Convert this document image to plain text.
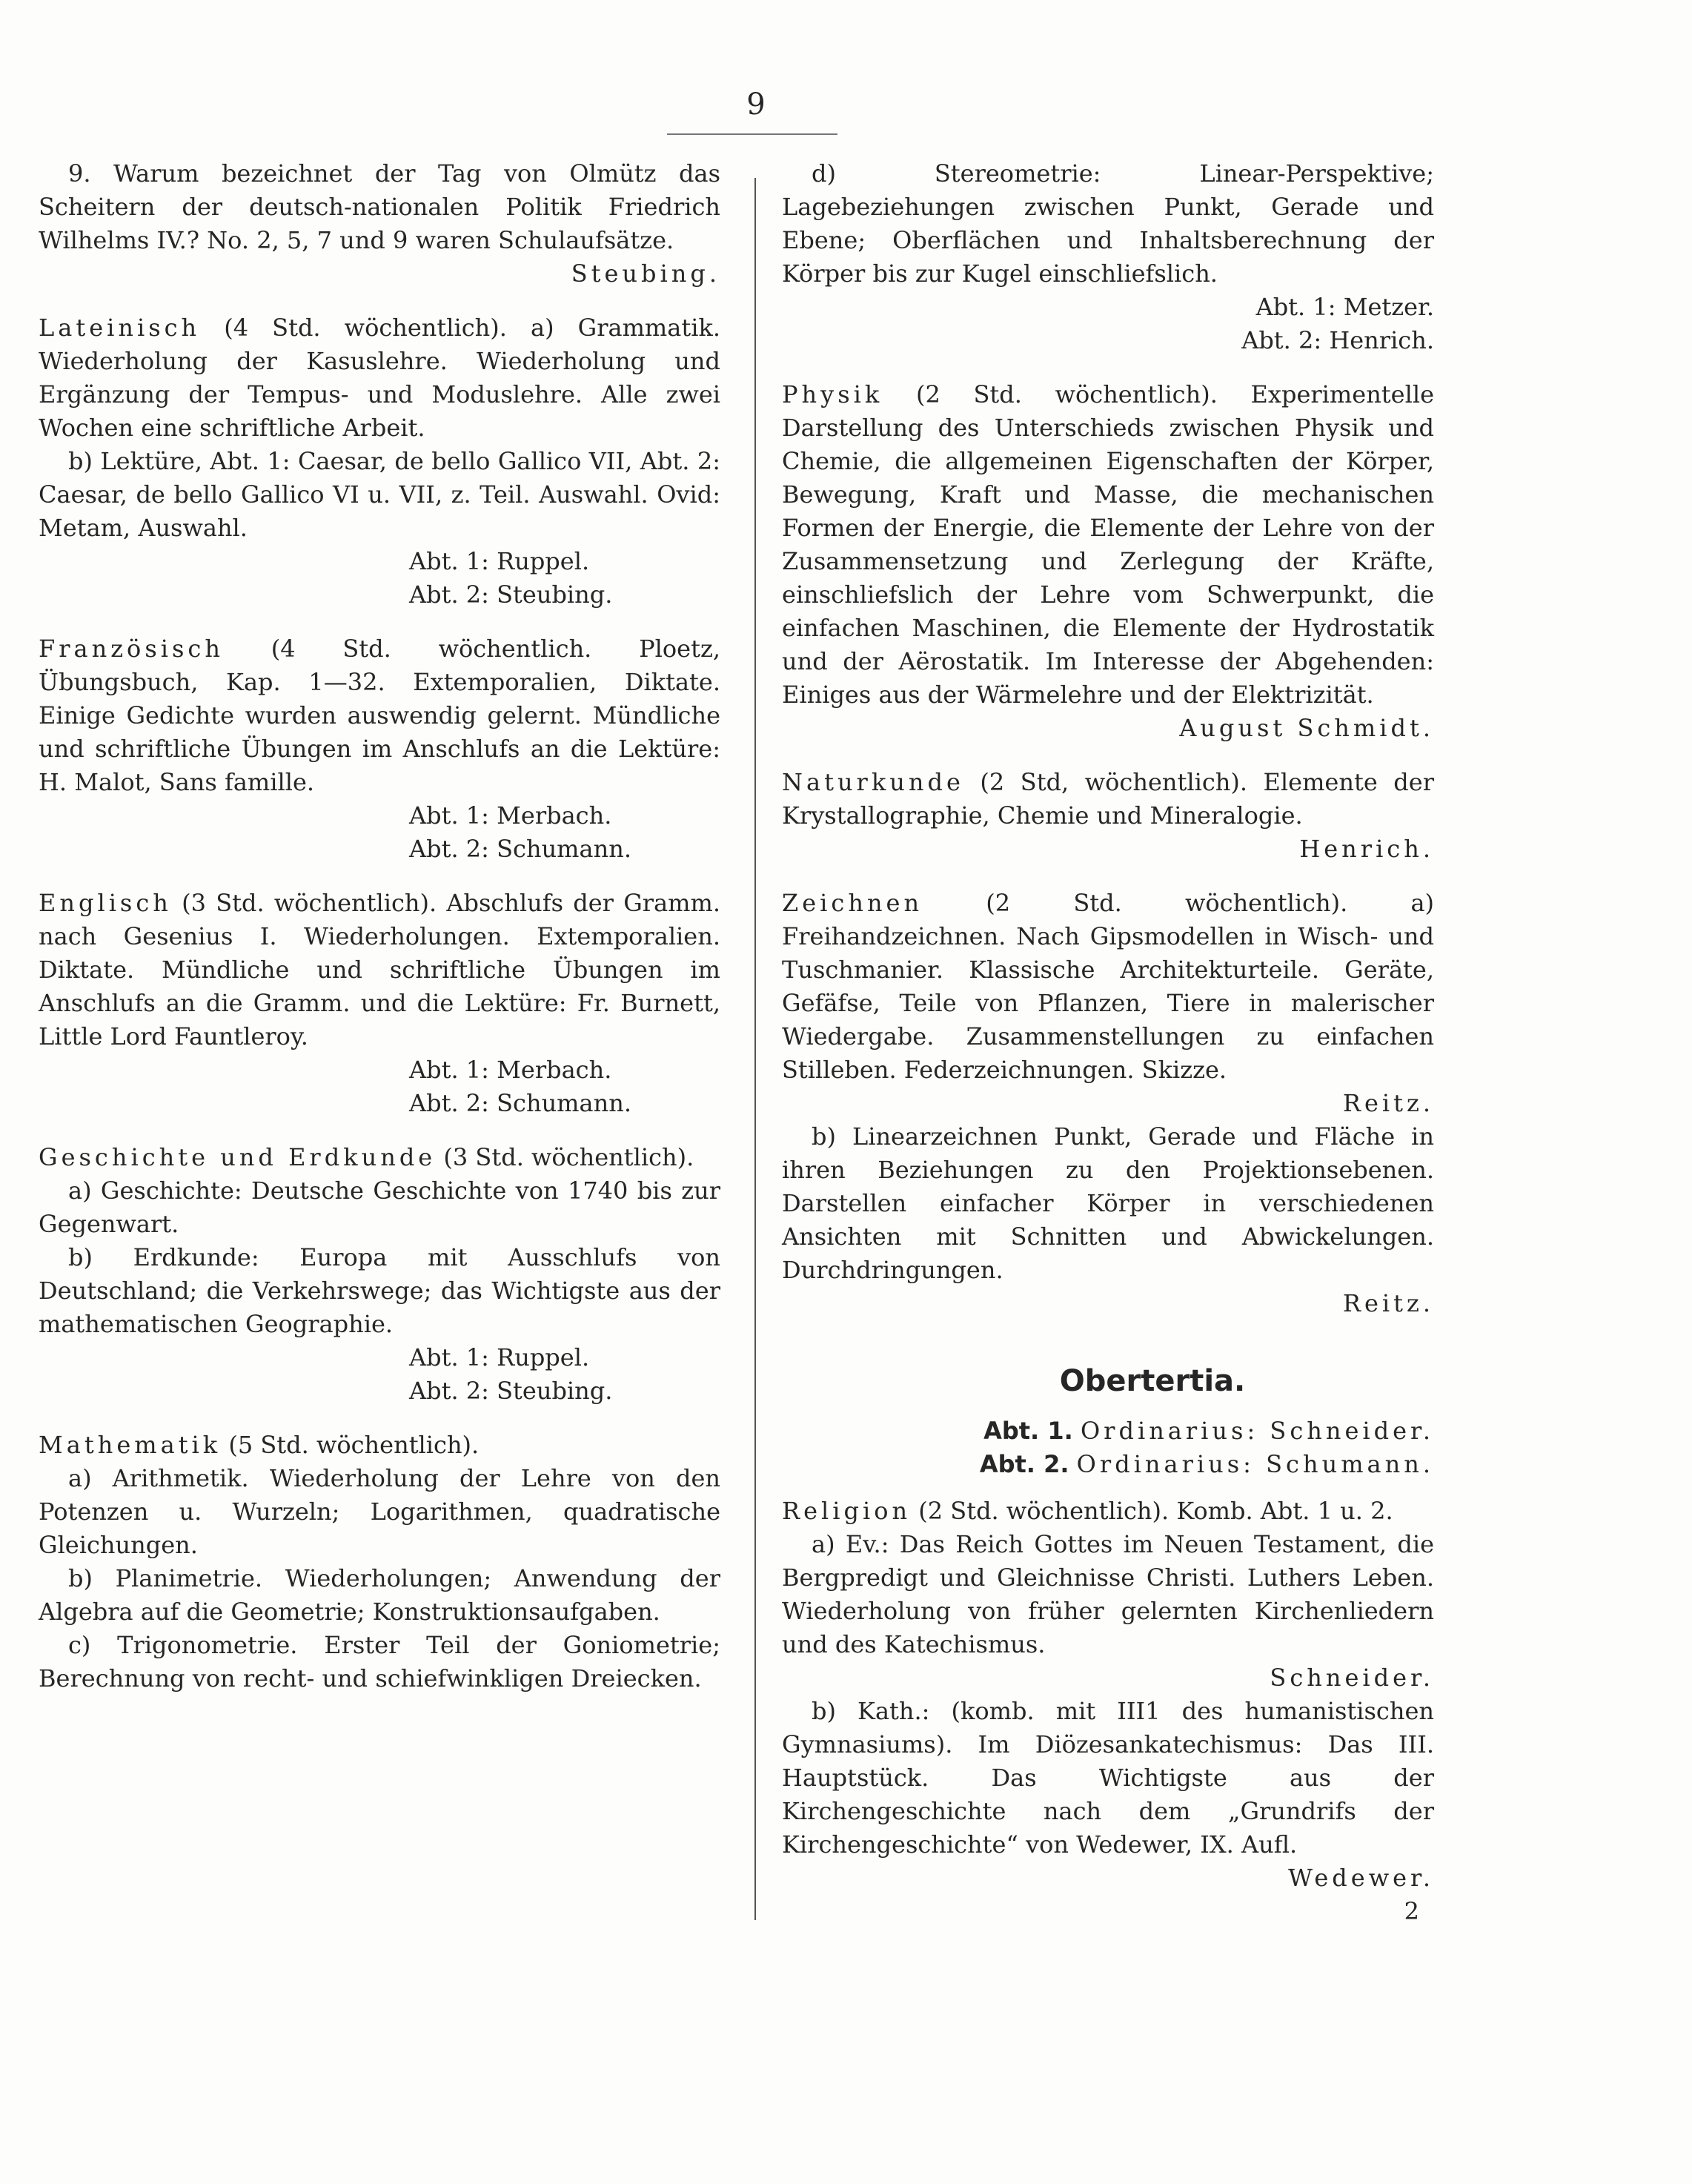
9

9. Warum bezeichnet der Tag von Olmütz das Scheitern der deutsch-nationalen Politik Friedrich Wilhelms IV.? No. 2, 5, 7 und 9 waren Schulaufsätze.

Steubing.

Lateinisch (4 Std. wöchentlich). a) Grammatik. Wiederholung der Kasuslehre. Wiederholung und Ergänzung der Tempus- und Moduslehre. Alle zwei Wochen eine schriftliche Arbeit.

b) Lektüre, Abt. 1: Caesar, de bello Gallico VII, Abt. 2: Caesar, de bello Gallico VI u. VII, z. Teil. Auswahl. Ovid: Metam, Auswahl.

Abt. 1: Ruppel.
Abt. 2: Steubing.

Französisch (4 Std. wöchentlich. Ploetz, Übungsbuch, Kap. 1—32. Extemporalien, Diktate. Einige Gedichte wurden auswendig gelernt. Mündliche und schriftliche Übungen im Anschlufs an die Lektüre: H. Malot, Sans famille.

Abt. 1: Merbach.
Abt. 2: Schumann.

Englisch (3 Std. wöchentlich). Abschlufs der Gramm. nach Gesenius I. Wiederholungen. Extemporalien. Diktate. Mündliche und schriftliche Übungen im Anschlufs an die Gramm. und die Lektüre: Fr. Burnett, Little Lord Fauntleroy.

Abt. 1: Merbach.
Abt. 2: Schumann.

Geschichte und Erdkunde (3 Std. wöchentlich).

a) Geschichte: Deutsche Geschichte von 1740 bis zur Gegenwart.

b) Erdkunde: Europa mit Ausschlufs von Deutschland; die Verkehrswege; das Wichtigste aus der mathematischen Geographie.

Abt. 1: Ruppel.
Abt. 2: Steubing.

Mathematik (5 Std. wöchentlich).

a) Arithmetik. Wiederholung der Lehre von den Potenzen u. Wurzeln; Logarithmen, quadratische Gleichungen.

b) Planimetrie. Wiederholungen; Anwendung der Algebra auf die Geometrie; Konstruktionsaufgaben.

c) Trigonometrie. Erster Teil der Goniometrie; Berechnung von recht- und schiefwinkligen Dreiecken.

d) Stereometrie: Linear-Perspektive; Lagebeziehungen zwischen Punkt, Gerade und Ebene; Oberflächen und Inhaltsberechnung der Körper bis zur Kugel einschliefslich.

Abt. 1: Metzer.
Abt. 2: Henrich.

Physik (2 Std. wöchentlich). Experimentelle Darstellung des Unterschieds zwischen Physik und Chemie, die allgemeinen Eigenschaften der Körper, Bewegung, Kraft und Masse, die mechanischen Formen der Energie, die Elemente der Lehre von der Zusammensetzung und Zerlegung der Kräfte, einschliefslich der Lehre vom Schwerpunkt, die einfachen Maschinen, die Elemente der Hydrostatik und der Aërostatik. Im Interesse der Abgehenden: Einiges aus der Wärmelehre und der Elektrizität.

August Schmidt.

Naturkunde (2 Std, wöchentlich). Elemente der Krystallographie, Chemie und Mineralogie.

Henrich.

Zeichnen	(2 Std. wöchentlich). a) Freihandzeichnen. Nach Gipsmodellen in Wisch- und Tuschmanier. Klassische Architekturteile. Geräte, Gefäfse, Teile von Pflanzen, Tiere in malerischer Wiedergabe. Zusammenstellungen zu einfachen Stilleben. Federzeichnungen. Skizze.

Reitz.

b) Linearzeichnen Punkt, Gerade und Fläche in ihren Beziehungen zu den Projektionsebenen. Darstellen einfacher Körper in verschiedenen Ansichten mit Schnitten und Abwickelungen. Durchdringungen.

Reitz.
Obertertia.
Abt. 1. Ordinarius: Schneider.
Abt. 2. Ordinarius: Schumann.

Religion (2 Std. wöchentlich). Komb. Abt. 1 u. 2.

a) Ev.: Das Reich Gottes im Neuen Testament, die Bergpredigt und Gleichnisse Christi. Luthers Leben. Wiederholung von früher gelernten Kirchenliedern und des Katechismus.

Schneider.

b) Kath.: (komb. mit III1 des humanistischen Gymnasiums). Im Diözesankatechismus: Das III. Hauptstück. Das Wichtigste aus der Kirchengeschichte nach dem „Grundrifs der Kirchengeschichte“ von Wedewer, IX. Aufl.

Wedewer.
2
